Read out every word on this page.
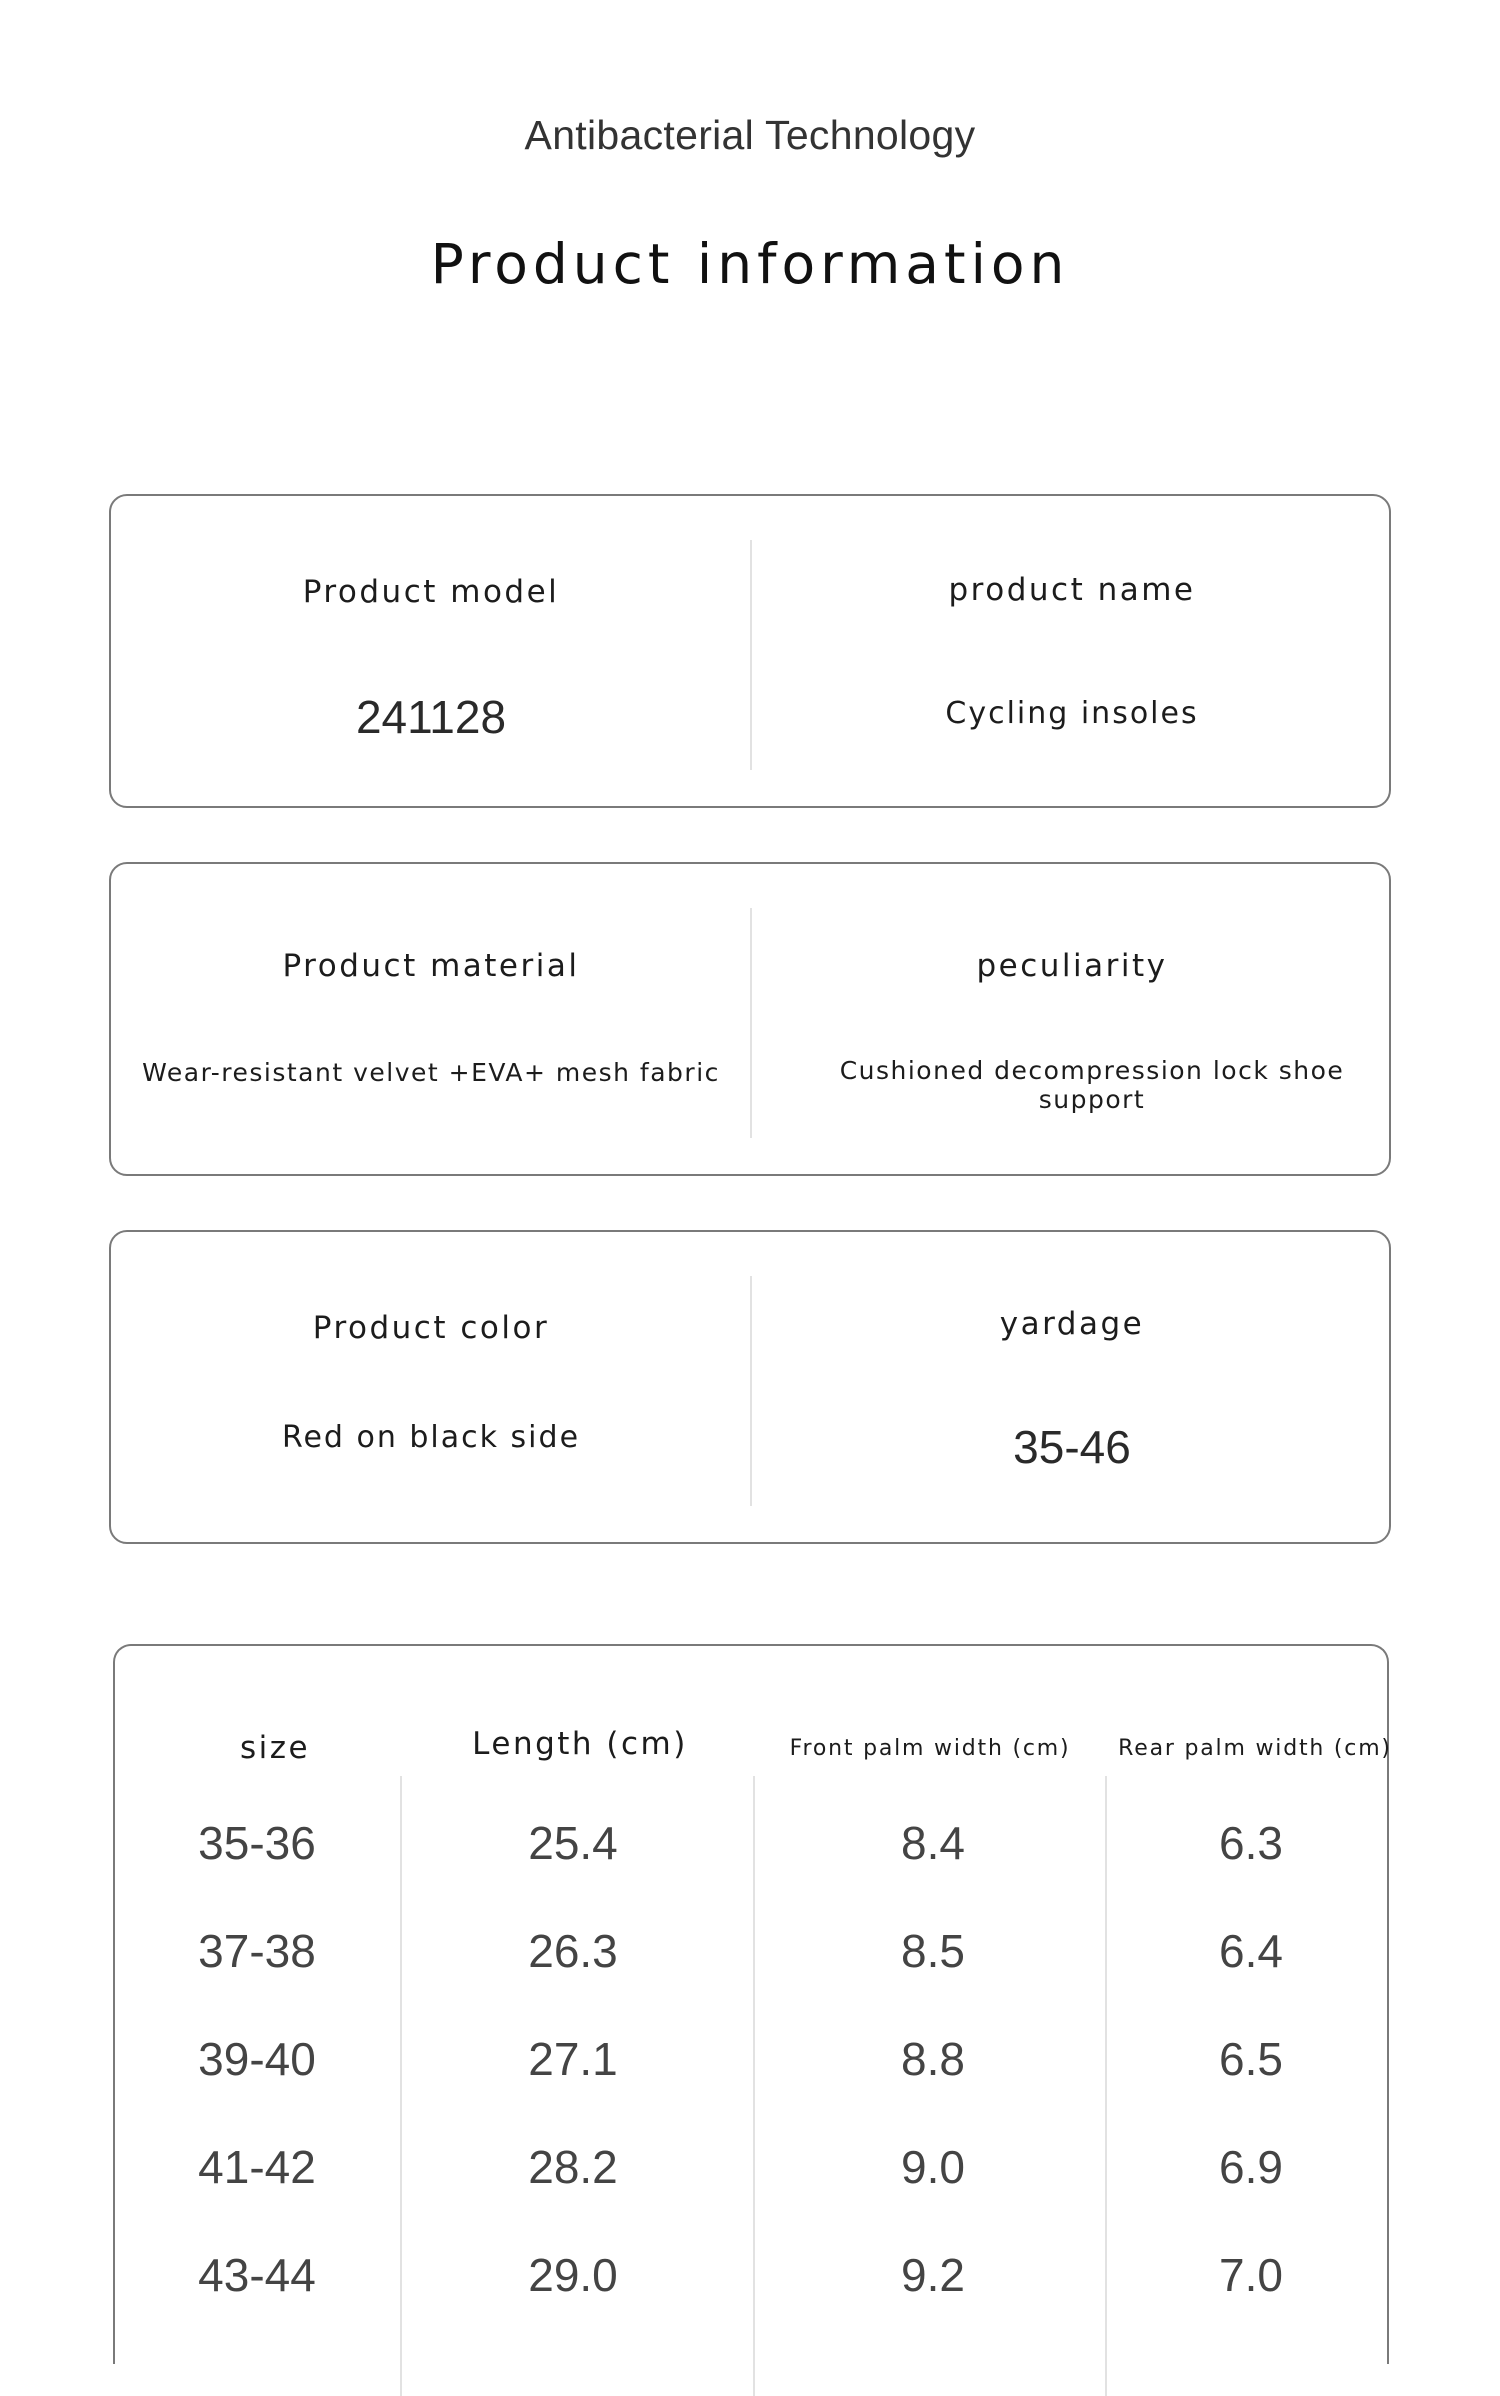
Antibacterial Technology
Product information
Product model
241128
product name
Cycling insoles
Product material
Wear-resistant velvet +EVA+ mesh fabric
peculiarity
Cushioned decompression lock shoe support
Product color
Red on black side
yardage
35-46
size	Length (cm)	Front palm width (cm)	Rear palm width (cm)
35-36	25.4	8.4	6.3
37-38	26.3	8.5	6.4
39-40	27.1	8.8	6.5
41-42	28.2	9.0	6.9
43-44	29.0	9.2	7.0
